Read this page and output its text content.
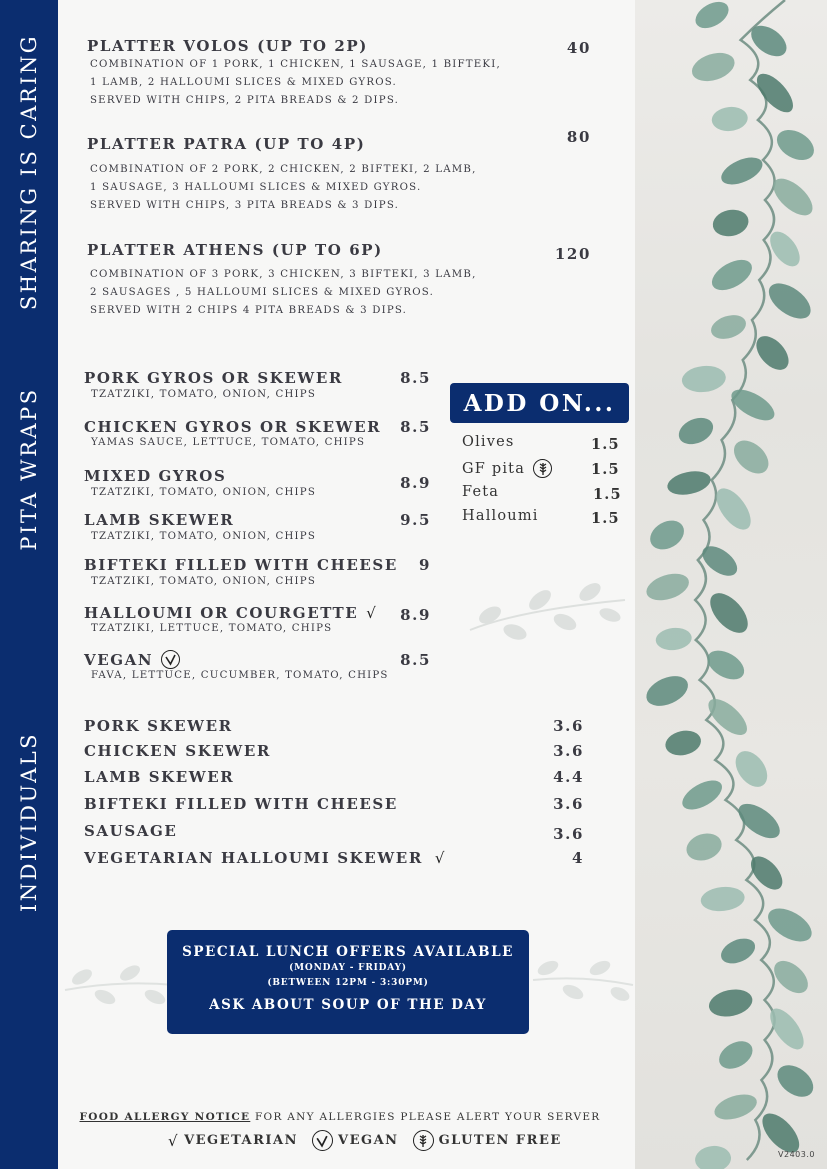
SHARING IS CARING
PITA WRAPS
INDIVIDUALS
V2403.0
PLATTER VOLOS (UP TO 2P)	40
COMBINATION OF 1 PORK, 1 CHICKEN, 1 SAUSAGE, 1 BIFTEKI,
1 LAMB, 2 HALLOUMI SLICES & MIXED GYROS.
SERVED WITH CHIPS, 2 PITA BREADS & 2 DIPS.
PLATTER PATRA (UP TO 4P)	80
COMBINATION OF 2 PORK, 2 CHICKEN, 2 BIFTEKI, 2 LAMB,
1 SAUSAGE, 3 HALLOUMI SLICES & MIXED GYROS.
SERVED WITH CHIPS, 3 PITA BREADS & 3 DIPS.
PLATTER ATHENS (UP TO 6P)	120
COMBINATION OF 3 PORK, 3 CHICKEN, 3 BIFTEKI, 3 LAMB,
2 SAUSAGES , 5 HALLOUMI SLICES & MIXED GYROS.
SERVED WITH 2 CHIPS 4 PITA BREADS & 3 DIPS.
PORK GYROS OR SKEWER	8.5
TZATZIKI, TOMATO, ONION, CHIPS
CHICKEN GYROS OR SKEWER	8.5
YAMAS SAUCE, LETTUCE, TOMATO, CHIPS
MIXED GYROS	8.9
TZATZIKI, TOMATO, ONION, CHIPS
LAMB SKEWER	9.5
TZATZIKI, TOMATO, ONION, CHIPS
BIFTEKI FILLED WITH CHEESE	9
TZATZIKI, TOMATO, ONION, CHIPS
HALLOUMI OR COURGETTE √	8.9
TZATZIKI, LETTUCE, TOMATO, CHIPS
VEGAN	8.5
FAVA, LETTUCE, CUCUMBER, TOMATO, CHIPS
ADD ON...
Olives	1.5
GF pita	1.5
Feta	1.5
Halloumi	1.5
PORK SKEWER	3.6
CHICKEN SKEWER	3.6
LAMB SKEWER	4.4
BIFTEKI FILLED WITH CHEESE	3.6
SAUSAGE	3.6
VEGETARIAN HALLOUMI SKEWER √	4
SPECIAL LUNCH OFFERS AVAILABLE
(MONDAY - FRIDAY)
(BETWEEN 12PM - 3:30PM)
ASK ABOUT SOUP OF THE DAY
FOOD ALLERGY NOTICE FOR ANY ALLERGIES PLEASE ALERT YOUR SERVER
√ VEGETARIAN	VEGAN	GLUTEN FREE
